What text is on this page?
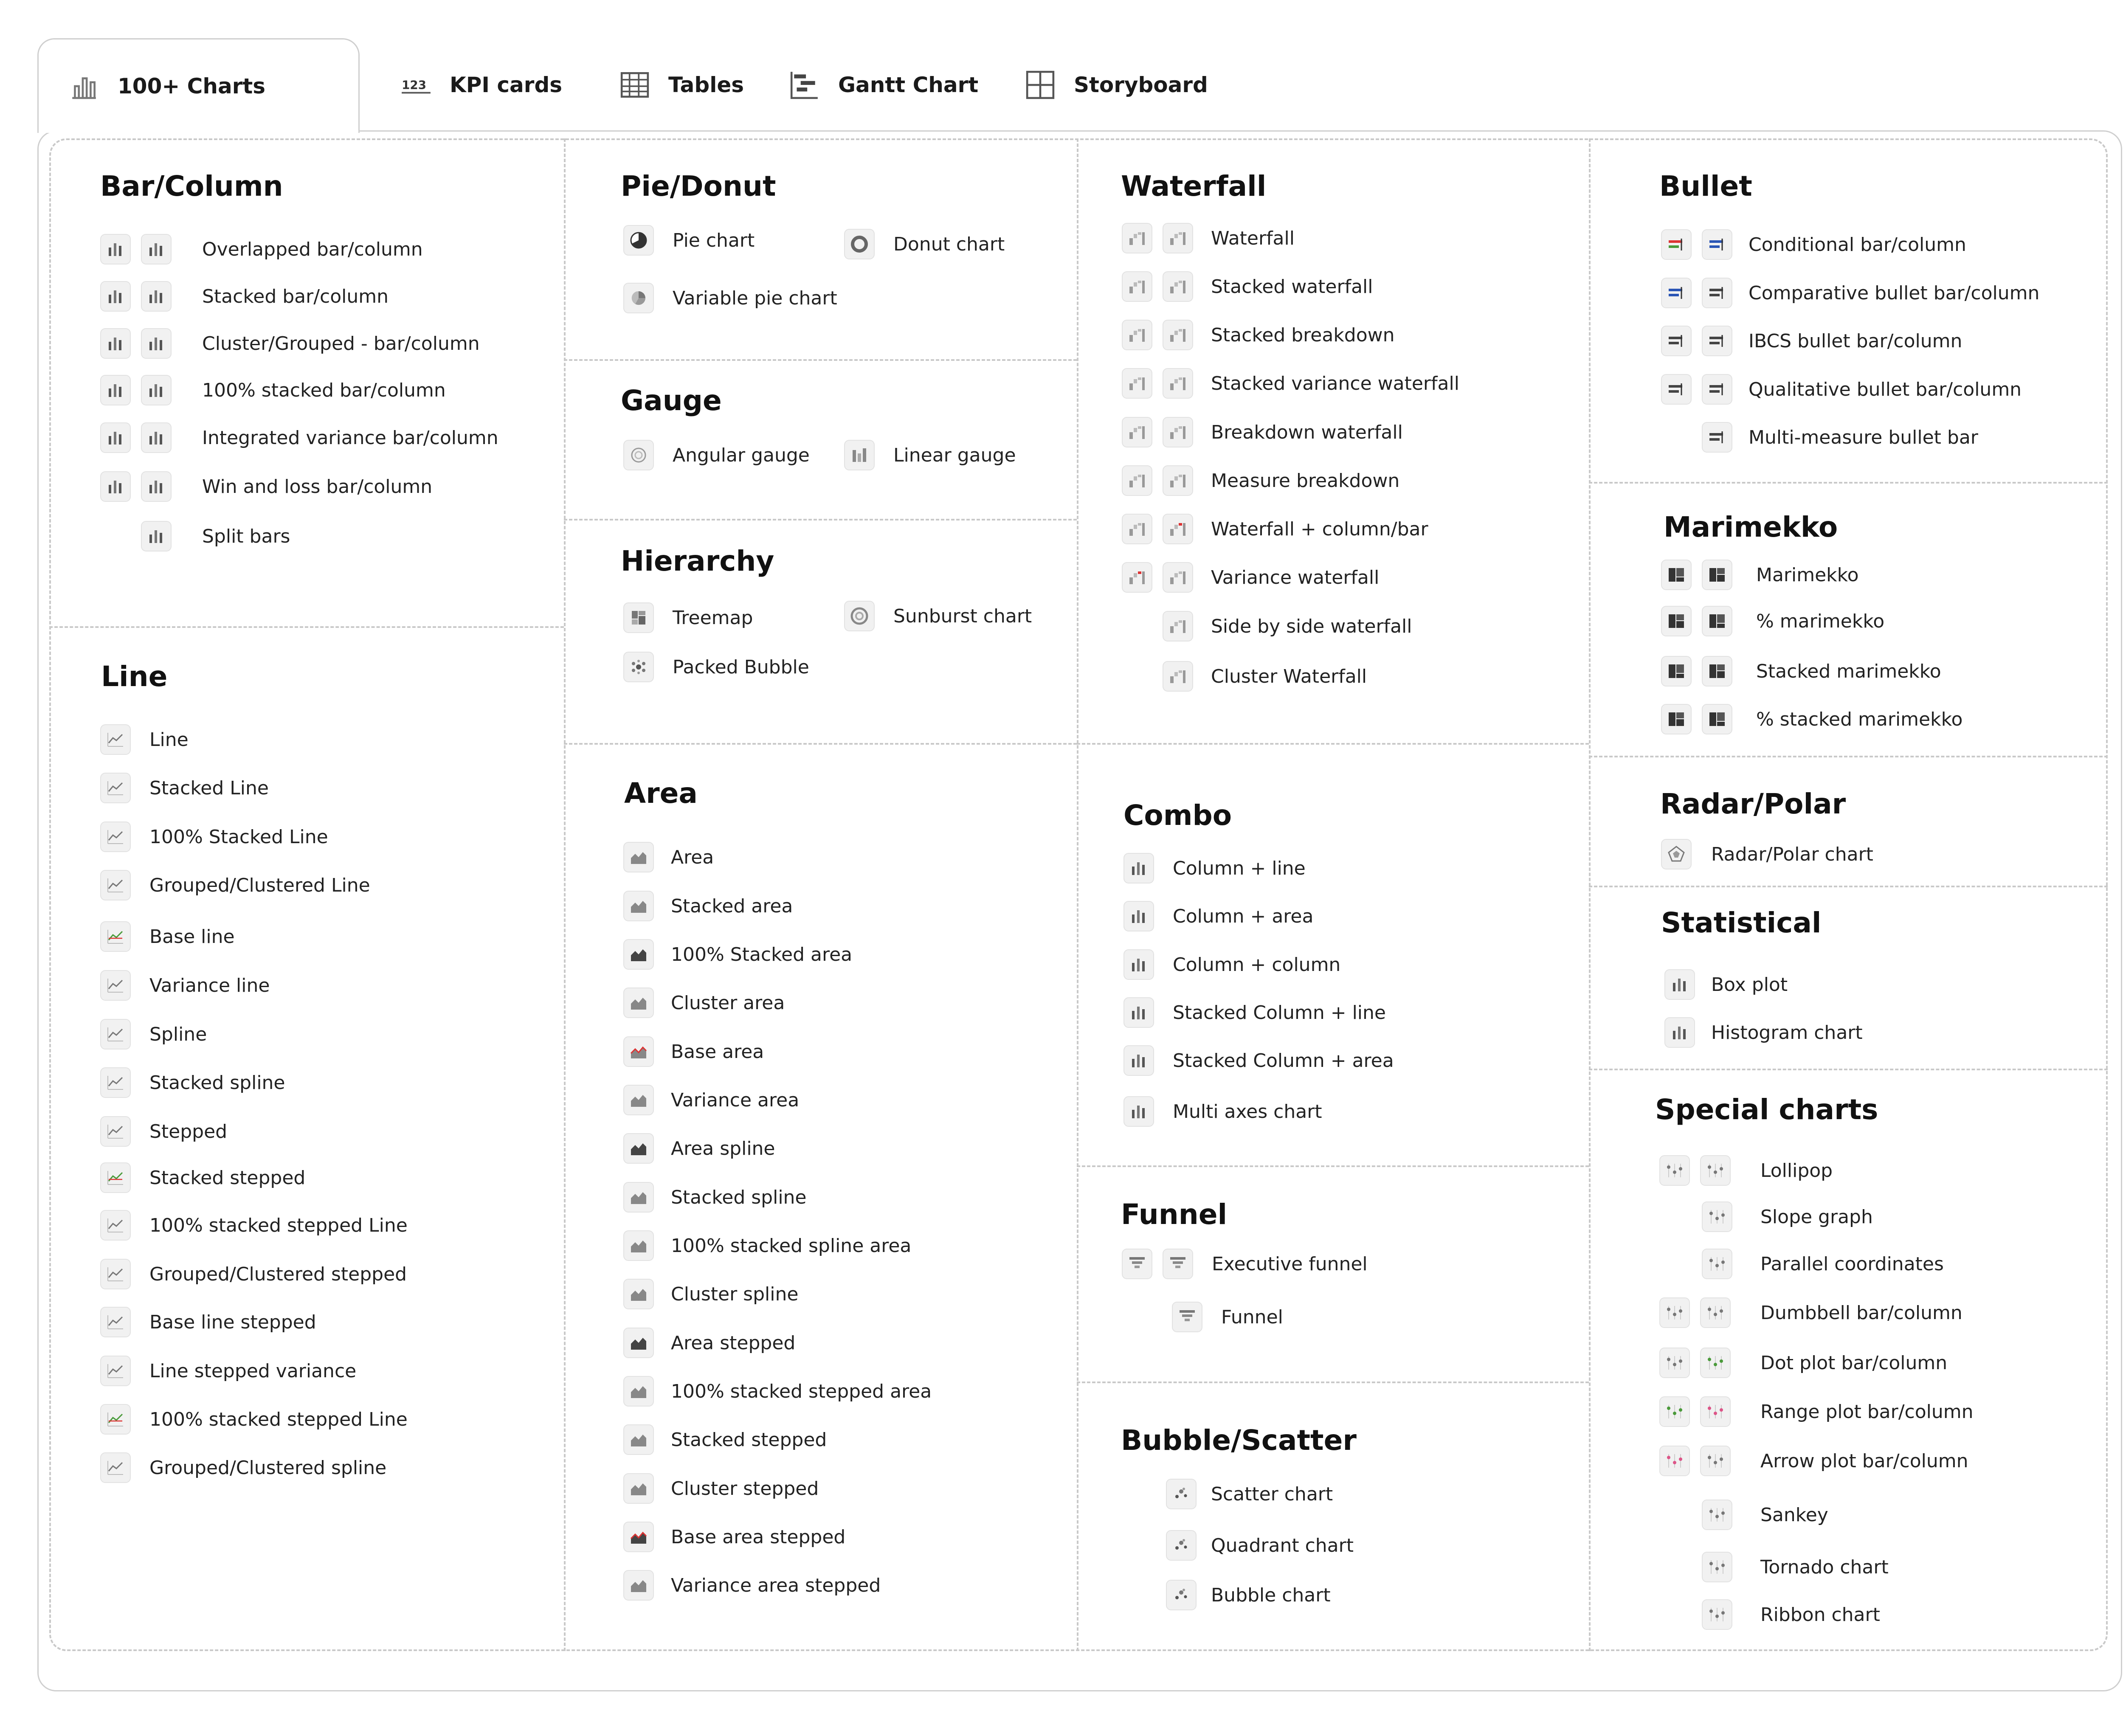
100+ Charts	123 KPI cards	Tables	Gantt Chart	Storyboard
Bar/Column
Line
Pie/Donut
Gauge
Hierarchy
Area
Waterfall
Combo
Funnel
Bubble/Scatter
Bullet
Marimekko
Radar/Polar
Statistical
Special charts
Overlapped bar/column
Stacked bar/column
Cluster/Grouped - bar/column
100% stacked bar/column
Integrated variance bar/column
Win and loss bar/column
Split bars
Line
Stacked Line
100% Stacked Line
Grouped/Clustered Line
Base line
Variance line
Spline
Stacked spline
Stepped
Stacked stepped
100% stacked stepped Line
Grouped/Clustered stepped
Base line stepped
Line stepped variance
100% stacked stepped Line
Grouped/Clustered spline
Pie chart	Donut chart
Variable pie chart
Angular gauge	Linear gauge
Treemap	Sunburst chart
Packed Bubble
Area
Stacked area
100% Stacked area
Cluster area
Base area
Variance area
Area spline
Stacked spline
100% stacked spline area
Cluster spline
Area stepped
100% stacked stepped area
Stacked stepped
Cluster stepped
Base area stepped
Variance area stepped
Waterfall
Stacked waterfall
Stacked breakdown
Stacked variance waterfall
Breakdown waterfall
Measure breakdown
Waterfall + column/bar
Variance waterfall
Side by side waterfall
Cluster Waterfall
Column + line
Column + area
Column + column
Stacked Column + line
Stacked Column + area
Multi axes chart
Executive funnel
Funnel
Scatter chart
Quadrant chart
Bubble chart
Conditional bar/column
Comparative bullet bar/column
IBCS bullet bar/column
Qualitative bullet bar/column
Multi-measure bullet bar
Marimekko
% marimekko
Stacked marimekko
% stacked marimekko
Radar/Polar chart
Box plot
Histogram chart
Lollipop
Slope graph
Parallel coordinates
Dumbbell bar/column
Dot plot bar/column
Range plot bar/column
Arrow plot bar/column
Sankey
Tornado chart
Ribbon chart
